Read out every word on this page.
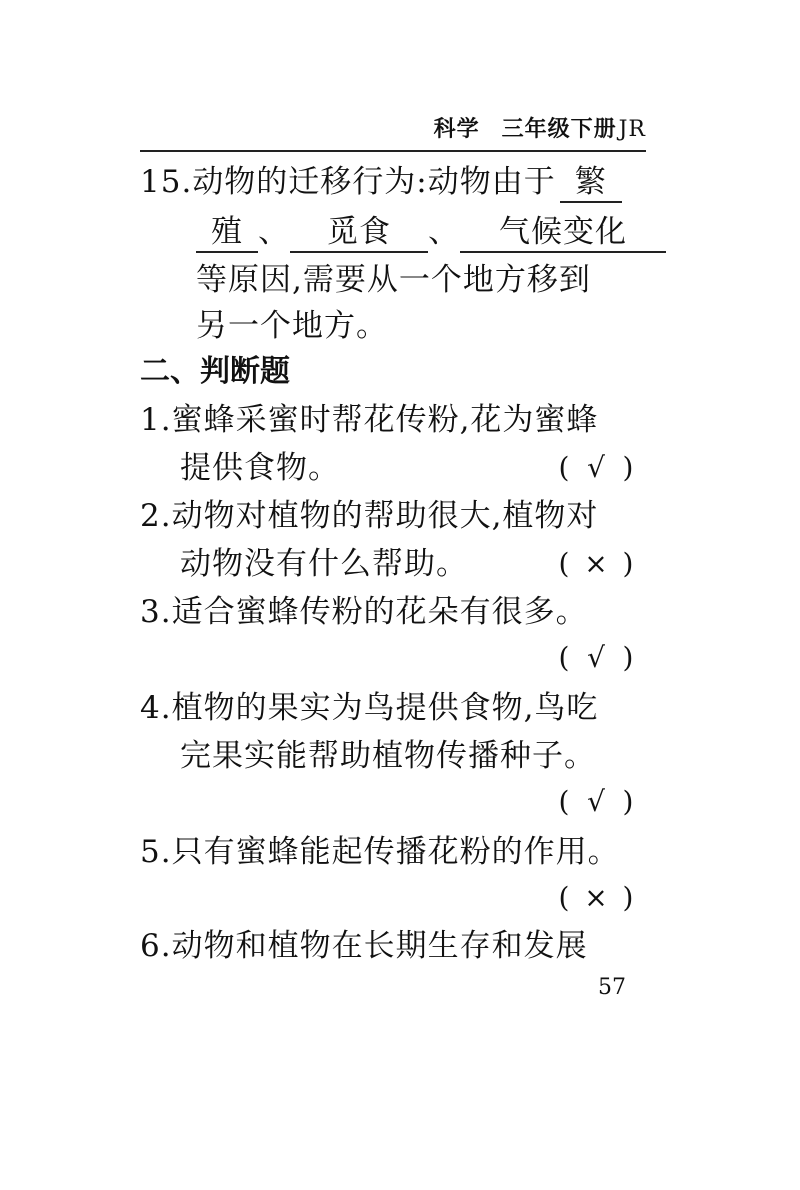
科学 三年级下册JR
15.动物的迁移行为:动物由于 繁
殖 、 觅食 、 气候变化
等原因,需要从一个地方移到
另一个地方。
二、判断题
1.蜜蜂采蜜时帮花传粉,花为蜜蜂
提供食物。	( √ )
2.动物对植物的帮助很大,植物对
动物没有什么帮助。	( × )
3.适合蜜蜂传粉的花朵有很多。
( √ )
4.植物的果实为鸟提供食物,鸟吃
完果实能帮助植物传播种子。
( √ )
5.只有蜜蜂能起传播花粉的作用。
( × )
6.动物和植物在长期生存和发展
57
